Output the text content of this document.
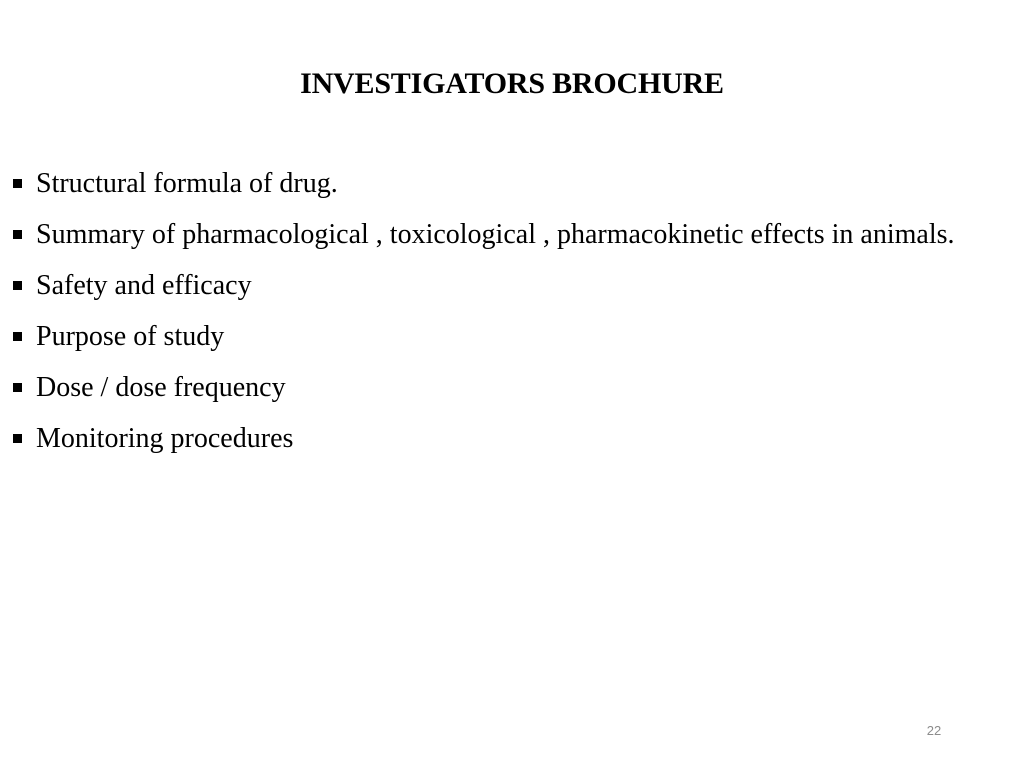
INVESTIGATORS BROCHURE
Structural formula of drug.
Summary of pharmacological , toxicological , pharmacokinetic effects in animals.
Safety and efficacy
Purpose of study
Dose / dose frequency
Monitoring procedures
22
